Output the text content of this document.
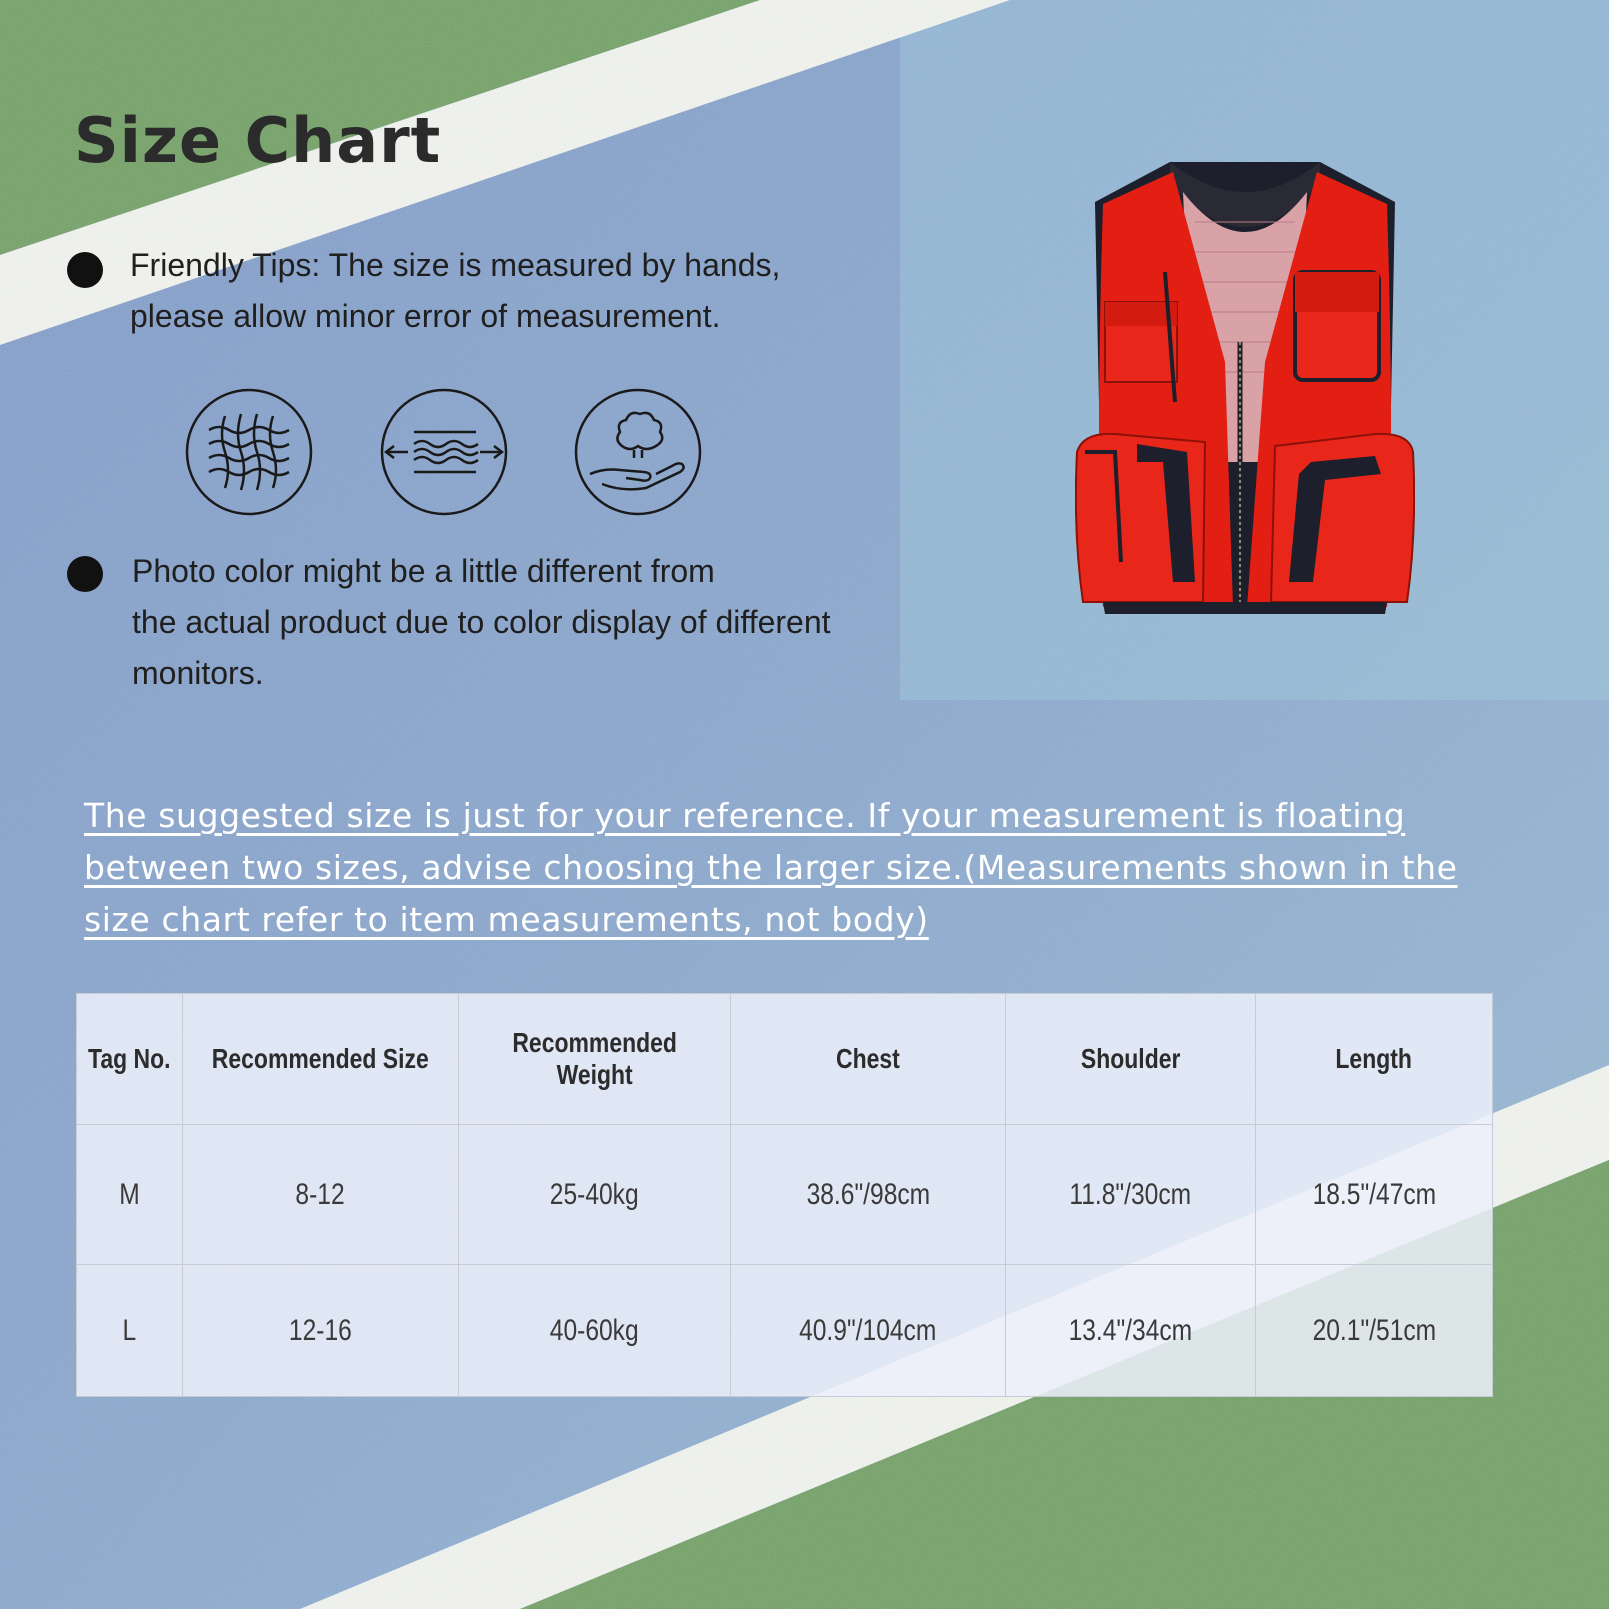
Size Chart
Friendly Tips: The size is measured by hands,
please allow minor error of measurement.
Photo color might be a little different from
the actual product due to color display of different
monitors.

The suggested size is just for your reference. If your measurement is floating between two sizes, advise choosing the larger size.(Measurements shown in the size chart refer to item measurements, not body)

Tag No.	Recommended Size	Recommended Weight	Chest	Shoulder	Length
M	8-12	25-40kg	38.6"/98cm	11.8"/30cm	18.5"/47cm
L	12-16	40-60kg	40.9"/104cm	13.4"/34cm	20.1"/51cm
